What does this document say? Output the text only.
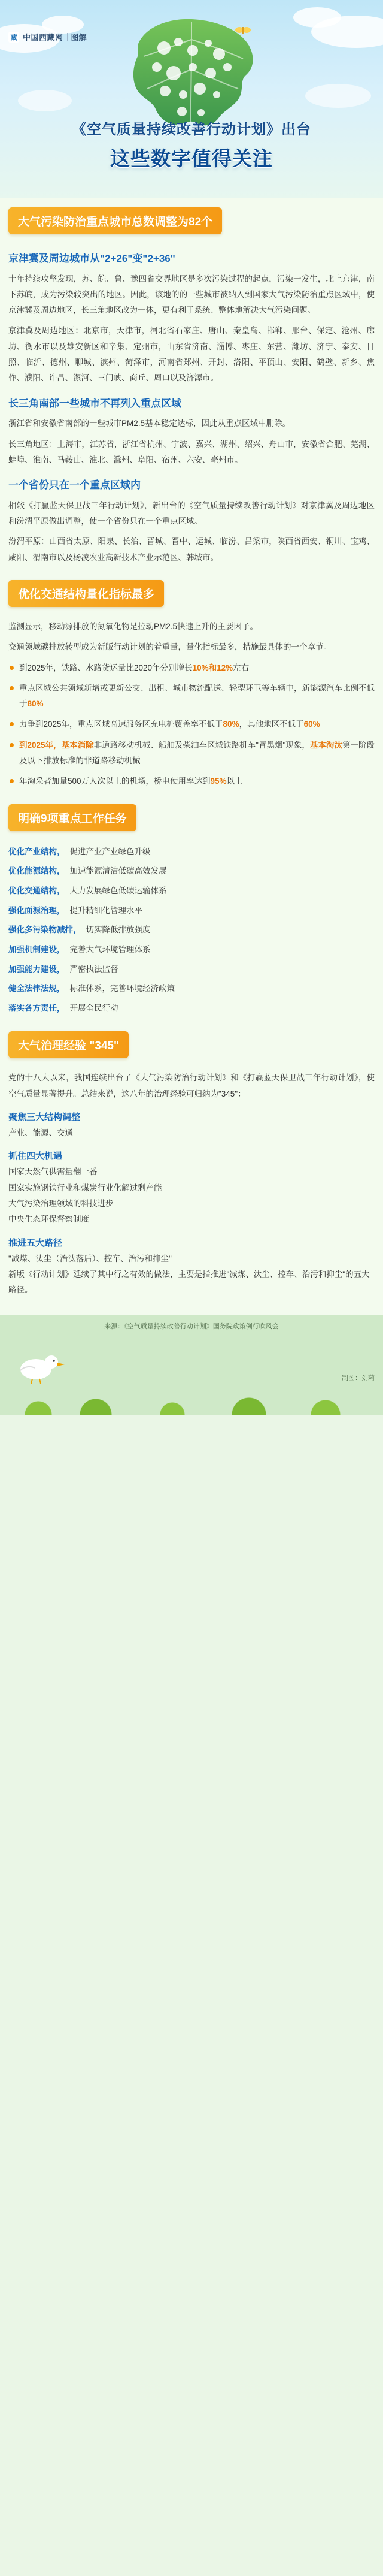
藏 中国西藏网 图解
《空气质量持续改善行动计划》出台
这些数字值得关注
大气污染防治重点城市总数调整为82个
京津冀及周边城市从"2+26"变"2+36"

十年持续攻坚发现，苏、皖、鲁、豫四省交界地区是多次污染过程的起点，污染一发生，北上京津，南下苏皖，成为污染较突出的地区。因此，该地的的一些城市被纳入到国家大气污染防治重点区域中，使京津冀及周边地区，长三角地区改为一体，更有利于系统、整体地解决大气污染问题。

京津冀及周边地区：北京市，天津市，河北省石家庄、唐山、秦皇岛、邯郸、邢台、保定、沧州、廊坊、衡水市以及雄安新区和辛集、定州市，山东省济南、淄博、枣庄、东营、潍坊、济宁、泰安、日照、临沂、德州、聊城、滨州、菏泽市，河南省郑州、开封、洛阳、平顶山、安阳、鹤壁、新乡、焦作、濮阳、许昌、漯河、三门峡、商丘、周口以及济源市。

长三角南部一些城市不再列入重点区域

浙江省和安徽省南部的一些城市PM2.5基本稳定达标，因此从重点区域中删除。

长三角地区：上海市，江苏省，浙江省杭州、宁波、嘉兴、湖州、绍兴、舟山市，安徽省合肥、芜湖、蚌埠、淮南、马鞍山、淮北、滁州、阜阳、宿州、六安、亳州市。

一个省份只在一个重点区域内

相较《打赢蓝天保卫战三年行动计划》，新出台的《空气质量持续改善行动计划》对京津冀及周边地区和汾渭平原做出调整，使一个省份只在一个重点区域。

汾渭平原：山西省太原、阳泉、长治、晋城、晋中、运城、临汾、吕梁市，陕西省西安、铜川、宝鸡、咸阳、渭南市以及杨凌农业高新技术产业示范区、韩城市。

优化交通结构量化指标最多

监测显示，移动源排放的氮氧化物是拉动PM2.5快速上升的主要因子。

交通领域碳排放转型成为新版行动计划的着重量，量化指标最多，措施最具体的一个章节。

到2025年，铁路、水路货运量比2020年分别增长10%和12%左右
重点区域公共领域新增或更新公交、出租、城市物流配送、轻型环卫等车辆中，新能源汽车比例不低于80%
力争到2025年，重点区域高速服务区充电桩覆盖率不低于80%，其他地区不低于60%
到2025年，基本消除非道路移动机械、船舶及柴油车区域铁路机车"冒黑烟"现象，基本淘汰第一阶段及以下排放标准的非道路移动机械
年淘采者加量500万人次以上的机场，桥电使用率达到95%以上
明确9项重点工作任务
优化产业结构， 促进产业产业绿色升级
优化能源结构， 加速能源清洁低碳高效发展
优化交通结构， 大力发展绿色低碳运输体系
强化面源治理， 提升精细化管理水平
强化多污染物减排， 切实降低排放强度
加强机制建设， 完善大气环境管理体系
加强能力建设， 严密执法监督
健全法律法规， 标准体系，完善环境经济政策
落实各方责任， 开展全民行动
大气治理经验 "345"

党的十八大以来，我国连续出台了《大气污染防治行动计划》和《打赢蓝天保卫战三年行动计划》，使空气质量显著提升。总结来说，这八年的治理经验可归纳为"345"：

聚焦三大结构调整
产业、能源、交通
抓住四大机遇
国家天然气供需量翻一番
国家实施钢铁行业和煤炭行业化解过剩产能
大气污染治理领域的科技进步
中央生态环保督察制度
推进五大路径
"减煤、汰尘（治汰落后）、控车、治污和抑尘"
新版《行动计划》延续了其中行之有效的做法，主要是指推进"减煤、汰尘、控车、治污和抑尘"的五大路径。
来源：《空气质量持续改善行动计划》国务院政策例行吹风会
制图：刘莉
